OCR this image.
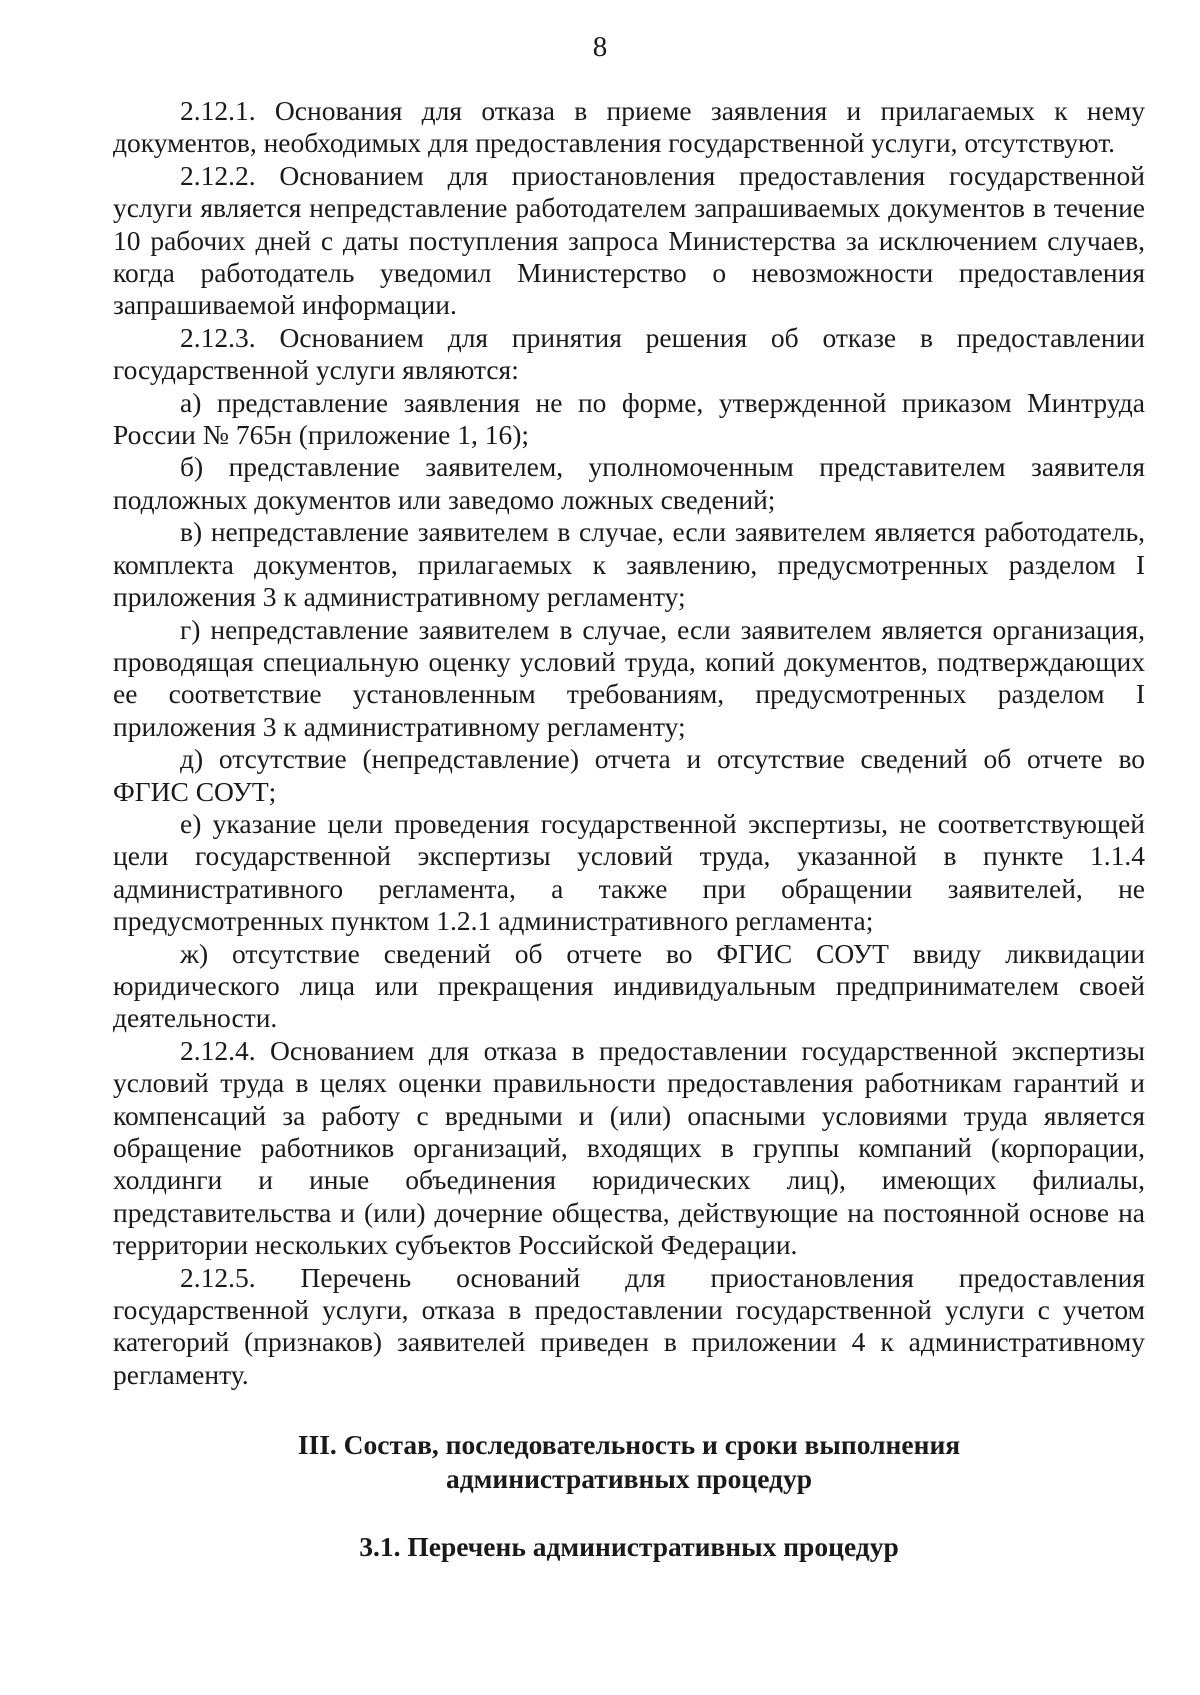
8

2.12.1. Основания для отказа в приеме заявления и прилагаемых к нему документов, необходимых для предоставления государственной услуги, отсутствуют.

2.12.2. Основанием для приостановления предоставления государственной услуги является непредставление работодателем запрашиваемых документов в течение 10 рабочих дней с даты поступления запроса Министерства за исключением случаев, когда работодатель уведомил Министерство о невозможности предоставления запрашиваемой информации.

2.12.3. Основанием для принятия решения об отказе в предоставлении государственной услуги являются:

а) представление заявления не по форме, утвержденной приказом Минтруда России № 765н (приложение 1, 16);

б) представление заявителем, уполномоченным представителем заявителя подложных документов или заведомо ложных сведений;

в) непредставление заявителем в случае, если заявителем является работодатель, комплекта документов, прилагаемых к заявлению, предусмотренных разделом I приложения 3 к административному регламенту;

г) непредставление заявителем в случае, если заявителем является организация, проводящая специальную оценку условий труда, копий документов, подтверждающих ее соответствие установленным требованиям, предусмотренных разделом I приложения 3 к административному регламенту;

д) отсутствие (непредставление) отчета и отсутствие сведений об отчете во ФГИС СОУТ;

е) указание цели проведения государственной экспертизы, не соответствующей цели государственной экспертизы условий труда, указанной в пункте 1.1.4 административного регламента, а также при обращении заявителей, не предусмотренных пунктом 1.2.1 административного регламента;

ж) отсутствие сведений об отчете во ФГИС СОУТ ввиду ликвидации юридического лица или прекращения индивидуальным предпринимателем своей деятельности.

2.12.4. Основанием для отказа в предоставлении государственной экспертизы условий труда в целях оценки правильности предоставления работникам гарантий и компенсаций за работу с вредными и (или) опасными условиями труда является обращение работников организаций, входящих в группы компаний (корпорации, холдинги и иные объединения юридических лиц), имеющих филиалы, представительства и (или) дочерние общества, действующие на постоянной основе на территории нескольких субъектов Российской Федерации.

2.12.5. Перечень оснований для приостановления предоставления государственной услуги, отказа в предоставлении государственной услуги с учетом категорий (признаков) заявителей приведен в приложении 4 к административному регламенту.

III. Состав, последовательность и сроки выполнения
административных процедур
3.1. Перечень административных процедур
